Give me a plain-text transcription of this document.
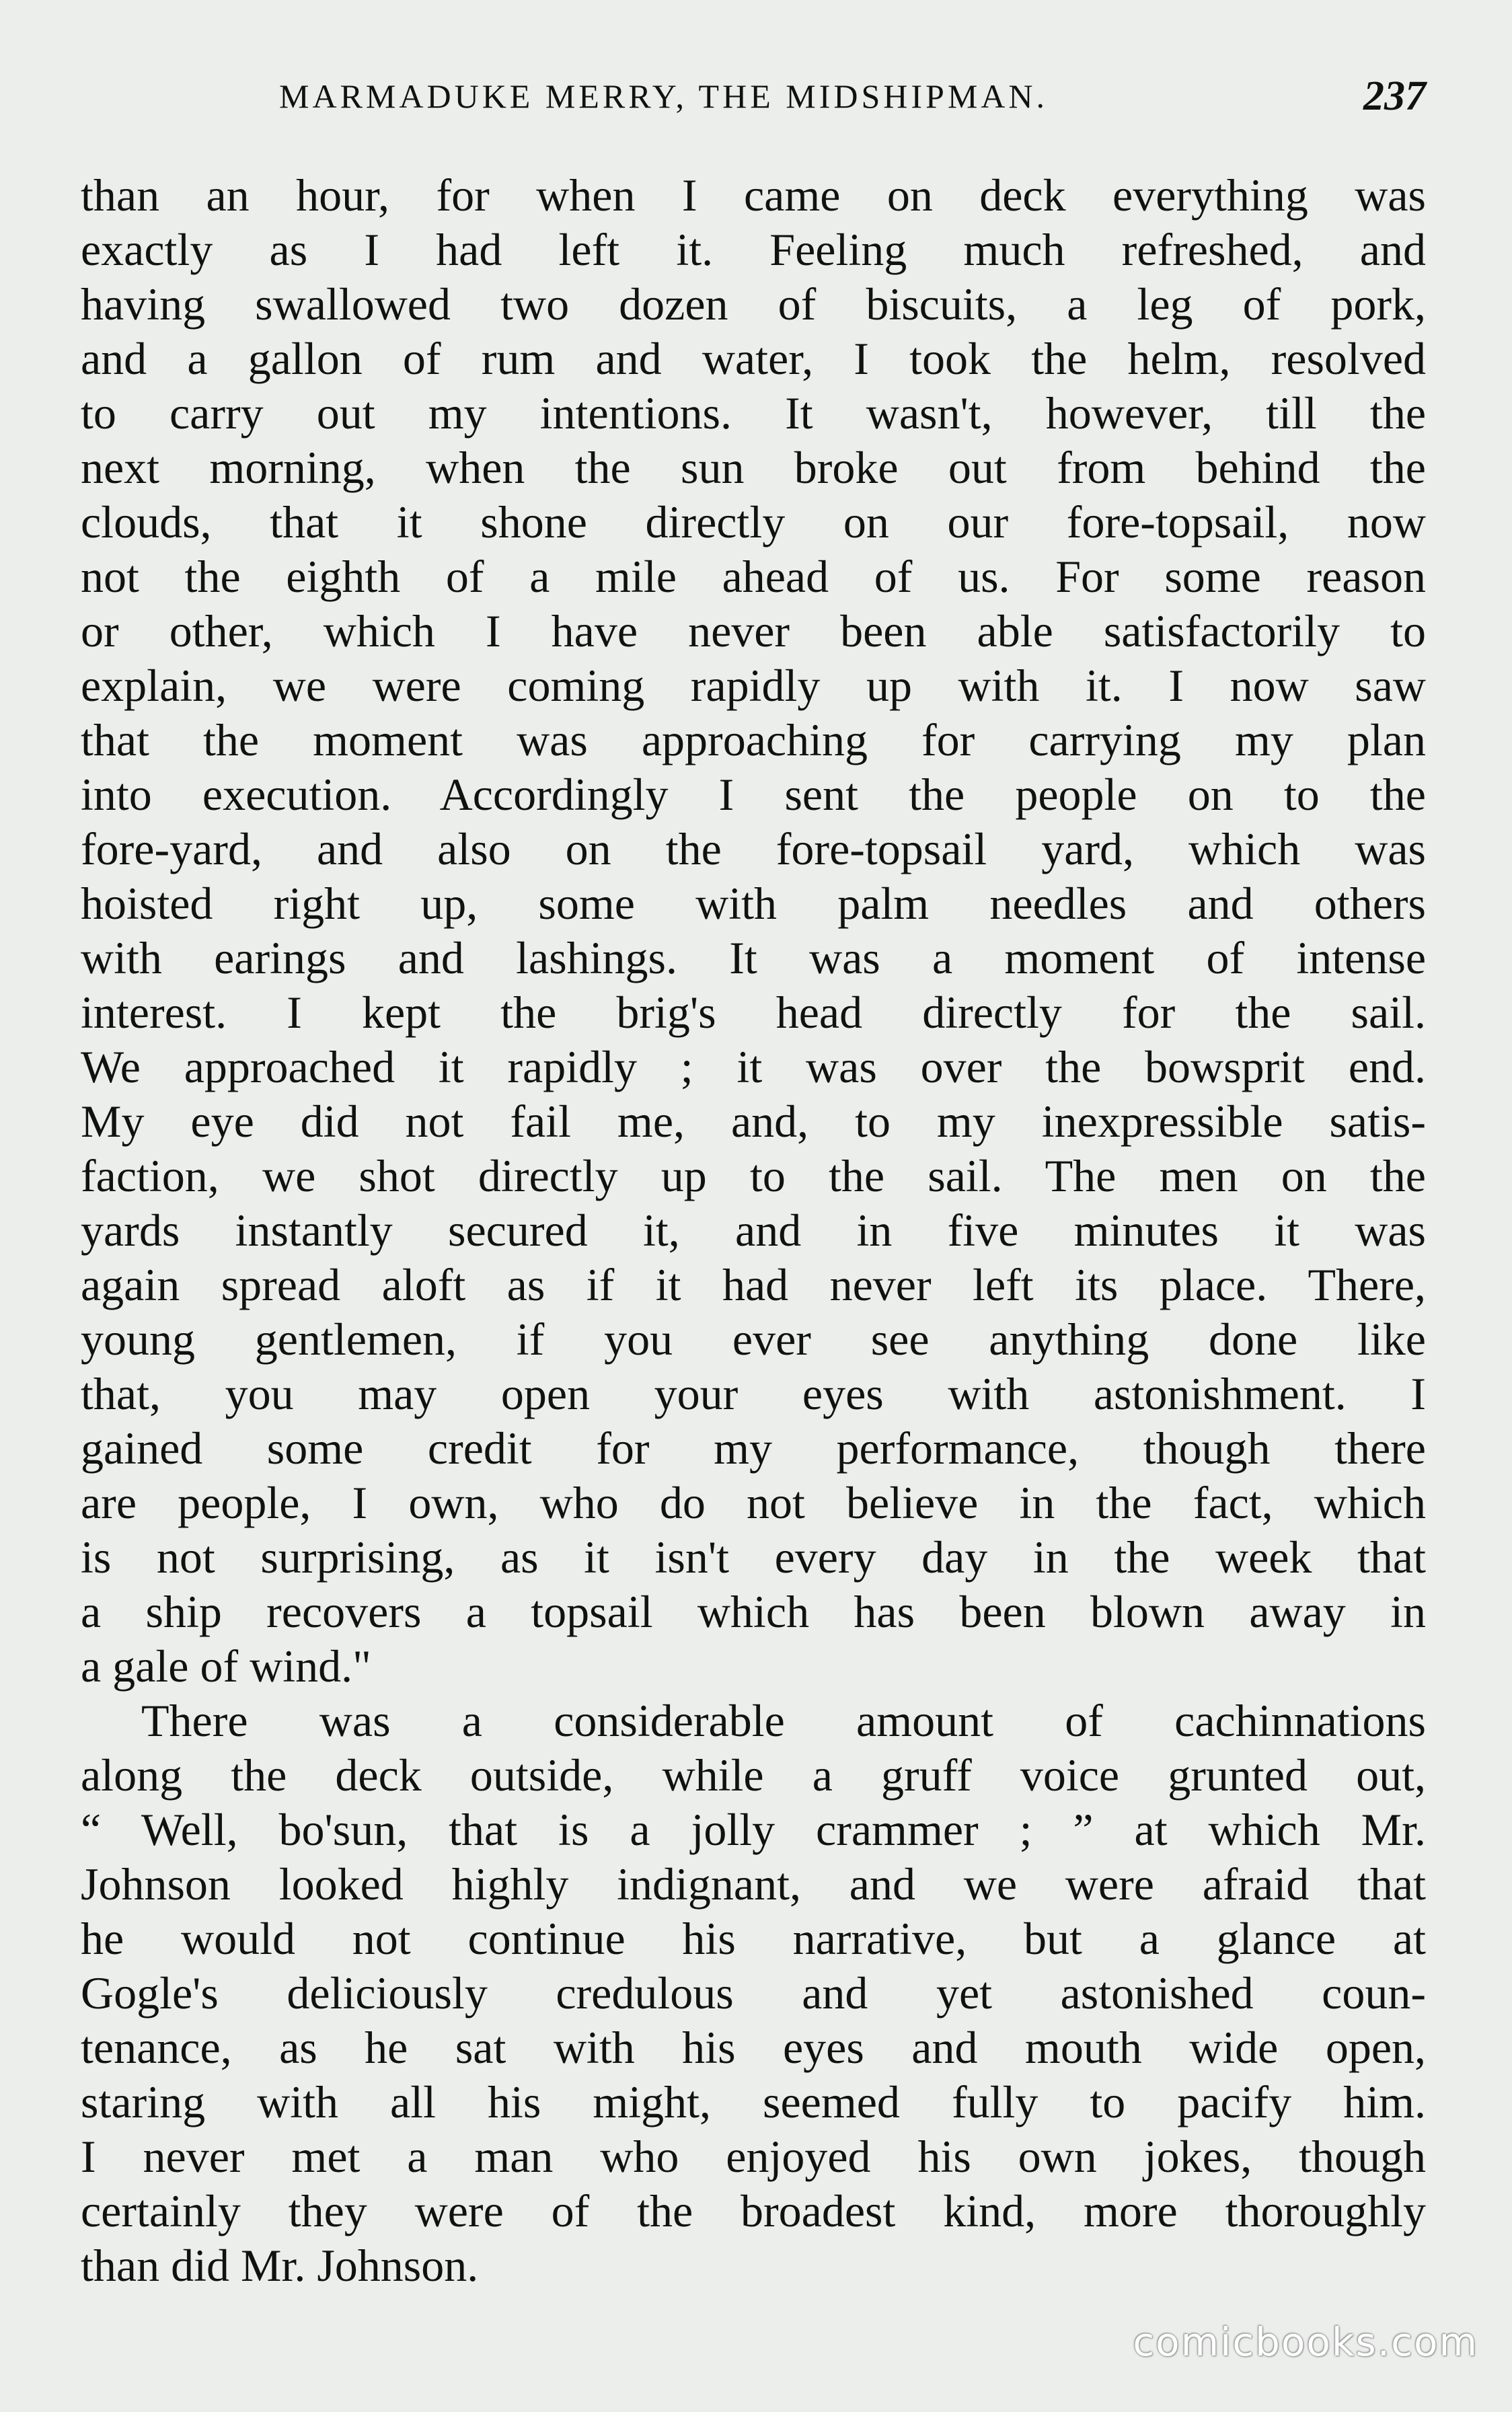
MARMADUKE MERRY, THE MIDSHIPMAN.	237
than an hour, for when I came on deck everything was
exactly as I had left it. Feeling much refreshed, and
having swallowed two dozen of biscuits, a leg of pork,
and a gallon of rum and water, I took the helm, resolved
to carry out my intentions. It wasn't, however, till the
next morning, when the sun broke out from behind the
clouds, that it shone directly on our fore-topsail, now
not the eighth of a mile ahead of us. For some reason
or other, which I have never been able satisfactorily to
explain, we were coming rapidly up with it. I now saw
that the moment was approaching for carrying my plan
into execution. Accordingly I sent the people on to the
fore-yard, and also on the fore-topsail yard, which was
hoisted right up, some with palm needles and others
with earings and lashings. It was a moment of intense
interest. I kept the brig's head directly for the sail.
We approached it rapidly ; it was over the bowsprit end.
My eye did not fail me, and, to my inexpressible satis-
faction, we shot directly up to the sail. The men on the
yards instantly secured it, and in five minutes it was
again spread aloft as if it had never left its place. There,
young gentlemen, if you ever see anything done like
that, you may open your eyes with astonishment. I
gained some credit for my performance, though there
are people, I own, who do not believe in the fact, which
is not surprising, as it isn't every day in the week that
a ship recovers a topsail which has been blown away in
a gale of wind."
There was a considerable amount of cachinnations
along the deck outside, while a gruff voice grunted out,
“ Well, bo'sun, that is a jolly crammer ; ” at which Mr.
Johnson looked highly indignant, and we were afraid that
he would not continue his narrative, but a glance at
Gogle's deliciously credulous and yet astonished coun-
tenance, as he sat with his eyes and mouth wide open,
staring with all his might, seemed fully to pacify him.
I never met a man who enjoyed his own jokes, though
certainly they were of the broadest kind, more thoroughly
than did Mr. Johnson.
comicbooks.com
